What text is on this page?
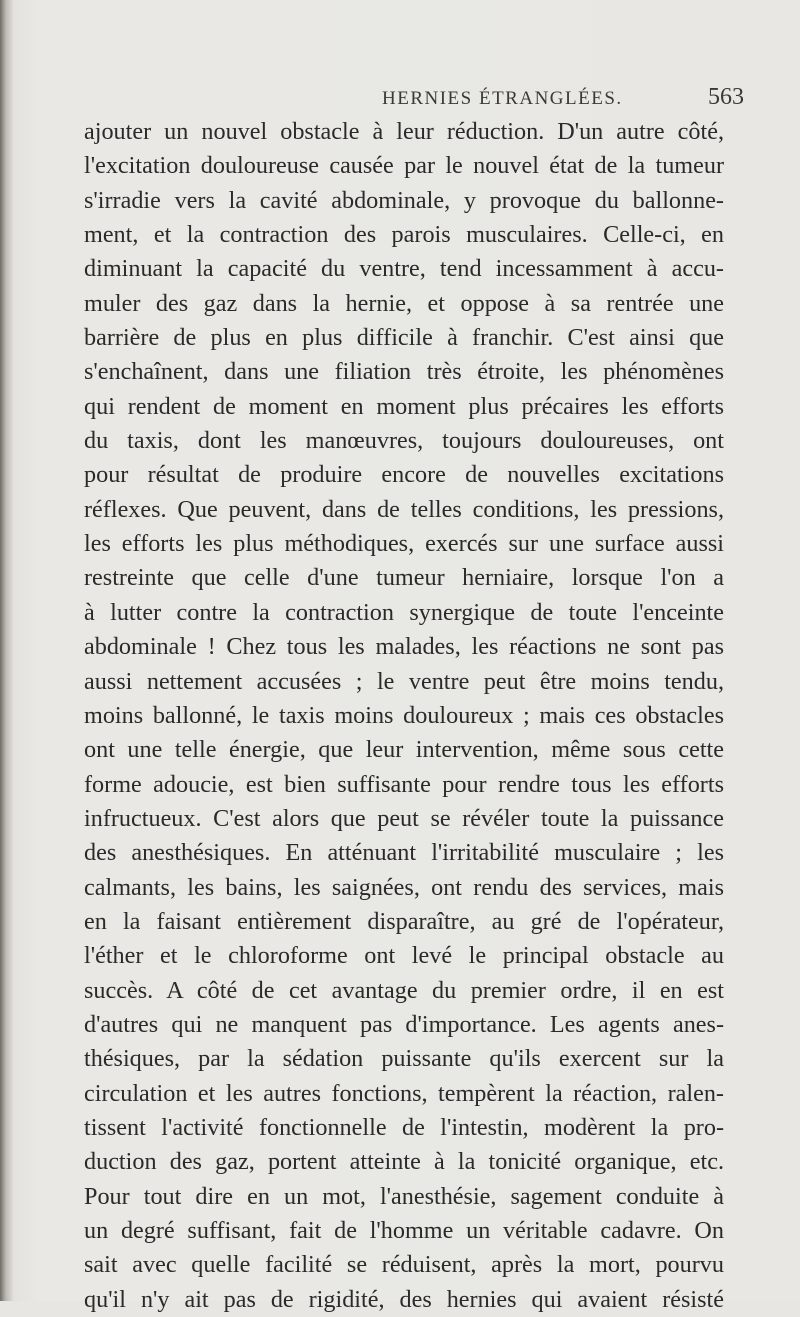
HERNIES ÉTRANGLÉES.	563
ajouter un nouvel obstacle à leur réduction. D'un autre côté,
l'excitation douloureuse causée par le nouvel état de la tumeur
s'irradie vers la cavité abdominale, y provoque du ballonne-
ment, et la contraction des parois musculaires. Celle-ci, en
diminuant la capacité du ventre, tend incessamment à accu-
muler des gaz dans la hernie, et oppose à sa rentrée une
barrière de plus en plus difficile à franchir. C'est ainsi que
s'enchaînent, dans une filiation très étroite, les phénomènes
qui rendent de moment en moment plus précaires les efforts
du taxis, dont les manœuvres, toujours douloureuses, ont
pour résultat de produire encore de nouvelles excitations
réflexes. Que peuvent, dans de telles conditions, les pressions,
les efforts les plus méthodiques, exercés sur une surface aussi
restreinte que celle d'une tumeur herniaire, lorsque l'on a
à lutter contre la contraction synergique de toute l'enceinte
abdominale ! Chez tous les malades, les réactions ne sont pas
aussi nettement accusées ; le ventre peut être moins tendu,
moins ballonné, le taxis moins douloureux ; mais ces obstacles
ont une telle énergie, que leur intervention, même sous cette
forme adoucie, est bien suffisante pour rendre tous les efforts
infructueux. C'est alors que peut se révéler toute la puissance
des anesthésiques. En atténuant l'irritabilité musculaire ; les
calmants, les bains, les saignées, ont rendu des services, mais
en la faisant entièrement disparaître, au gré de l'opérateur,
l'éther et le chloroforme ont levé le principal obstacle au
succès. A côté de cet avantage du premier ordre, il en est
d'autres qui ne manquent pas d'importance. Les agents anes-
thésiques, par la sédation puissante qu'ils exercent sur la
circulation et les autres fonctions, tempèrent la réaction, ralen-
tissent l'activité fonctionnelle de l'intestin, modèrent la pro-
duction des gaz, portent atteinte à la tonicité organique, etc.
Pour tout dire en un mot, l'anesthésie, sagement conduite à
un degré suffisant, fait de l'homme un véritable cadavre. On
sait avec quelle facilité se réduisent, après la mort, pourvu
qu'il n'y ait pas de rigidité, des hernies qui avaient résisté
